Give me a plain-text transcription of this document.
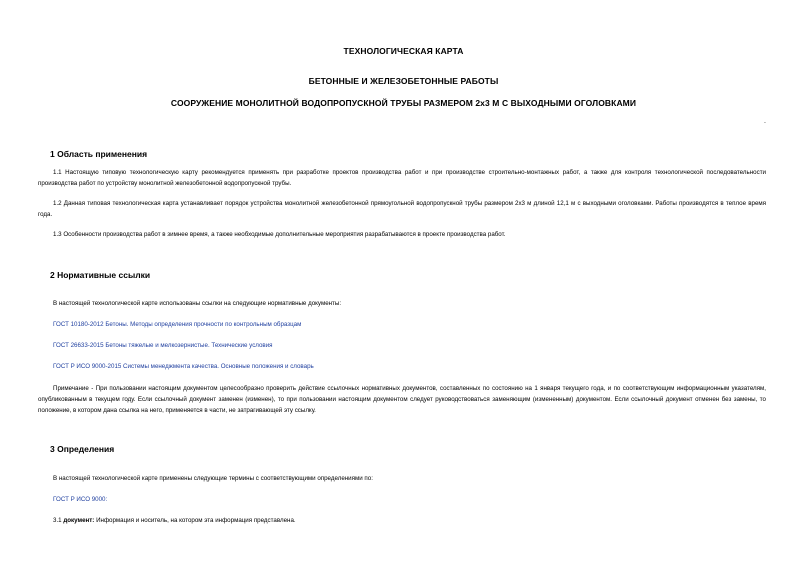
ТЕХНОЛОГИЧЕСКАЯ КАРТА
БЕТОННЫЕ И ЖЕЛЕЗОБЕТОННЫЕ РАБОТЫ
СООРУЖЕНИЕ МОНОЛИТНОЙ ВОДОПРОПУСКНОЙ ТРУБЫ РАЗМЕРОМ 2х3 М С ВЫХОДНЫМИ ОГОЛОВКАМИ
.
1 Область применения
1.1 Настоящую типовую технологическую карту рекомендуется применять при разработке проектов производства работ и при производстве строительно-монтажных работ, а также для контроля технологической последовательности производства работ по устройству монолитной железобетонной водопропускной трубы.
1.2 Данная типовая технологическая карта устанавливает порядок устройства монолитной железобетонной прямоугольной водопропускной трубы размером 2х3 м длиной 12,1 м с выходными оголовками. Работы производятся в теплое время года.
1.3 Особенности производства работ в зимнее время, а также необходимые дополнительные мероприятия разрабатываются в проекте производства работ.
2 Нормативные ссылки
В настоящей технологической карте использованы ссылки на следующие нормативные документы:
ГОСТ 10180-2012 Бетоны. Методы определения прочности по контрольным образцам
ГОСТ 26633-2015 Бетоны тяжелые и мелкозернистые. Технические условия
ГОСТ Р ИСО 9000-2015 Системы менеджмента качества. Основные положения и словарь
Примечание - При пользовании настоящим документом целесообразно проверить действие ссылочных нормативных документов, составленных по состоянию на 1 января текущего года, и по соответствующим информационным указателям, опубликованным в текущем году. Если ссылочный документ заменен (изменен), то при пользовании настоящим документом следует руководствоваться заменяющим (измененным) документом. Если ссылочный документ отменен без замены, то положение, в котором дана ссылка на него, применяется в части, не затрагивающей эту ссылку.
3 Определения
В настоящей технологической карте применены следующие термины с соответствующими определениями по:
ГОСТ Р ИСО 9000:
3.1 документ: Информация и носитель, на котором эта информация представлена.
